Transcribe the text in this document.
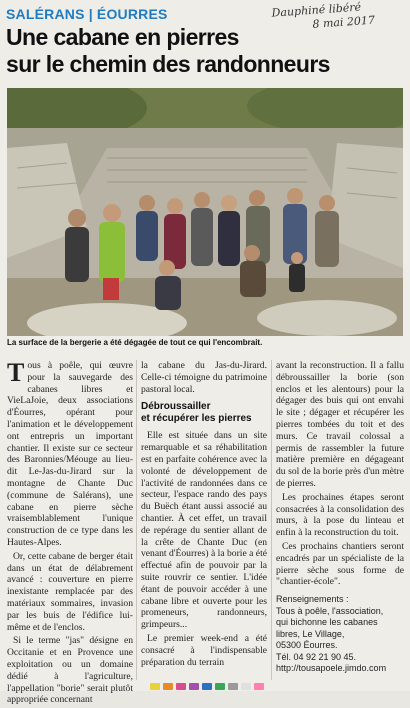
SALÉRANS | ÉOURRES	Dauphiné libéré
8 mai 2017
Une cabane en pierres
sur le chemin des randonneurs
La surface de la bergerie a été dégagée de tout ce qui l'encombrait.

Tous à poêle, qui œuvre pour la sauvegarde des cabanes libres et VieLaJoie, deux associations d'Éourres, opérant pour l'animation et le développement ont entrepris un important chantier. Il existe sur ce secteur des Baronnies/Méouge au lieu-dit Le-Jas-du-Jirard sur la montagne de Chante Duc (commune de Salérans), une cabane en pierre sèche vraisemblablement l'unique construction de ce type dans les Hautes-Alpes.

Or, cette cabane de berger était dans un état de délabrement avancé : couverture en pierre inexistante remplacée par des matériaux sommaires, invasion par les buis de l'édifice lui-même et de l'enclos.

Si le terme "jas" désigne en Occitanie et en Provence une exploitation ou un domaine dédié à l'agriculture, l'appellation "borie" serait plutôt appropriée concernant

la cabane du Jas-du-Jirard. Celle-ci témoigne du patrimoine pastoral local.

Débroussailler
et récupérer les pierres

Elle est située dans un site remarquable et sa réhabilitation est en parfaite cohérence avec la volonté de développement de l'activité de randonnées dans ce secteur, l'espace rando des pays du Buëch étant aussi associé au chantier. À cet effet, un travail de repérage du sentier allant de la crête de Chante Duc (en venant d'Éourres) à la borie a été effectué afin de pouvoir par la suite rouvrir ce sentier. L'idée étant de pouvoir accéder à une cabane libre et ouverte pour les promeneurs, randonneurs, grimpeurs...

Le premier week-end a été consacré à l'indispensable préparation du terrain

avant la reconstruction. Il a fallu débroussailler la borie (son enclos et les alentours) pour la dégager des buis qui ont envahi le site ; dégager et récupérer les pierres tombées du toit et des murs. Ce travail colossal a permis de rassembler la future matière première en dégageant du sol de la borie près d'un mètre de pierres.

Les prochaines étapes seront consacrées à la consolidation des murs, à la pose du linteau et enfin à la reconstruction du toit.

Ces prochains chantiers seront encadrés par un spécialiste de la pierre sèche sous forme de "chantier-école".

Renseignements :
Tous à poêle, l'association,
qui bichonne les cabanes
libres, Le Village,
05300 Éourres.
Tél. 04 92 21 90 45.
http://tousapoele.jimdo.com
